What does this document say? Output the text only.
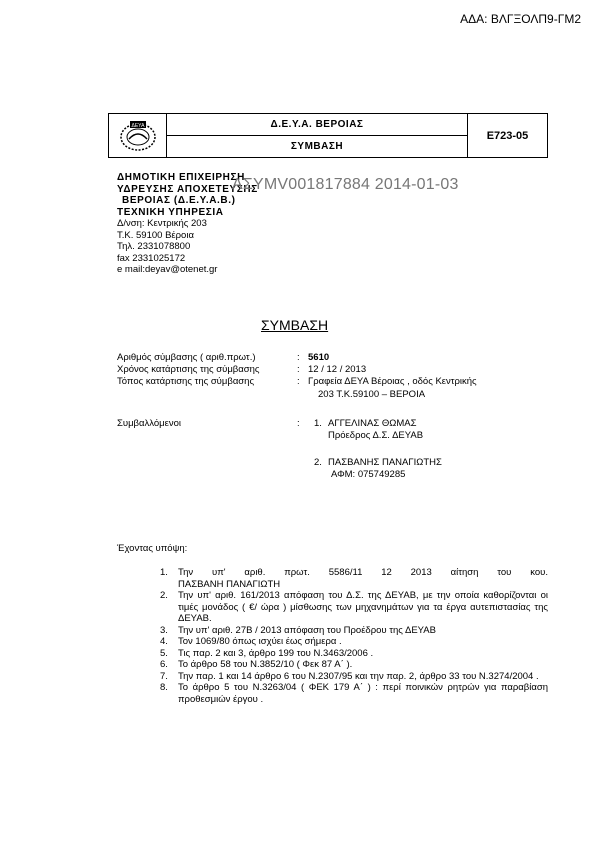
ΑΔΑ: ΒΛΓΞΟΛΠ9-ΓΜ2
ΔΕΥΑ	Δ.Ε.Υ.Α. ΒΕΡΟΙΑΣ
ΣΥΜΒΑΣΗ
Ε723-05
ΔΗΜΟΤΙΚΗ ΕΠΙΧΕΙΡΗΣΗ
ΥΔΡΕΥΣΗΣ ΑΠΟΧΕΤΕΥΣΗΣ
ΒΕΡΟΙΑΣ (Δ.Ε.Υ.Α.Β.)
ΤΕΧΝΙΚΗ ΥΠΗΡΕΣΙΑ
Δ/νση: Κεντρικής 203
Τ.Κ. 59100 Βέροια
Τηλ. 2331078800
fax 2331025172
e mail:deyav@otenet.gr
ΑΣΥΜV001817884 2014-01-03
ΣΥΜΒΑΣΗ
Αριθμός σύμβασης ( αριθ.πρωτ.)	: 5610
Χρόνος κατάρτισης της σύμβασης	: 12 / 12 / 2013
Τόπος κατάρτισης της σύμβασης	: Γραφεία ΔΕΥΑ Βέροιας , οδός Κεντρικής
203 Τ.Κ.59100 – ΒΕΡΟΙΑ
Συμβαλλόμενοι	: 1. ΑΓΓΕΛΙΝΑΣ ΘΩΜΑΣ
Πρόεδρος Δ.Σ. ΔΕΥΑΒ
2. ΠΑΣΒΑΝΗΣ ΠΑΝΑΓΙΩΤΗΣ
ΑΦΜ: 075749285
Έχοντας υπόψη:
1.	Την υπ' αριθ. πρωτ. 5586/11 12 2013 αίτηση του κου.
ΠΑΣΒΑΝΗ ΠΑΝΑΓΙΩΤΗ
2.	Την υπ' αριθ. 161/2013 απόφαση του Δ.Σ. της ΔΕΥΑΒ, με την οποία καθορίζονται οι τιμές μονάδος ( €/ ώρα ) μίσθωσης των μηχανημάτων για τα έργα αυτεπιστασίας της ΔΕΥΑΒ.
3.	Την υπ' αριθ. 27Β / 2013 απόφαση του Προέδρου της ΔΕΥΑΒ
4.	Τον 1069/80 όπως ισχύει έως σήμερα .
5.	Τις παρ. 2 και 3, άρθρο 199 του Ν.3463/2006 .
6.	Το άρθρο 58 του Ν.3852/10 ( Φεκ 87 Α΄ ).
7.	Την παρ. 1 και 14 άρθρο 6 του Ν.2307/95 και την παρ. 2, άρθρο 33 του Ν.3274/2004 .
8.	Το άρθρο 5 του Ν.3263/04 ( ΦΕΚ 179 Α΄ ) : περί ποινικών ρητρών για παραβίαση προθεσμιών έργου .
